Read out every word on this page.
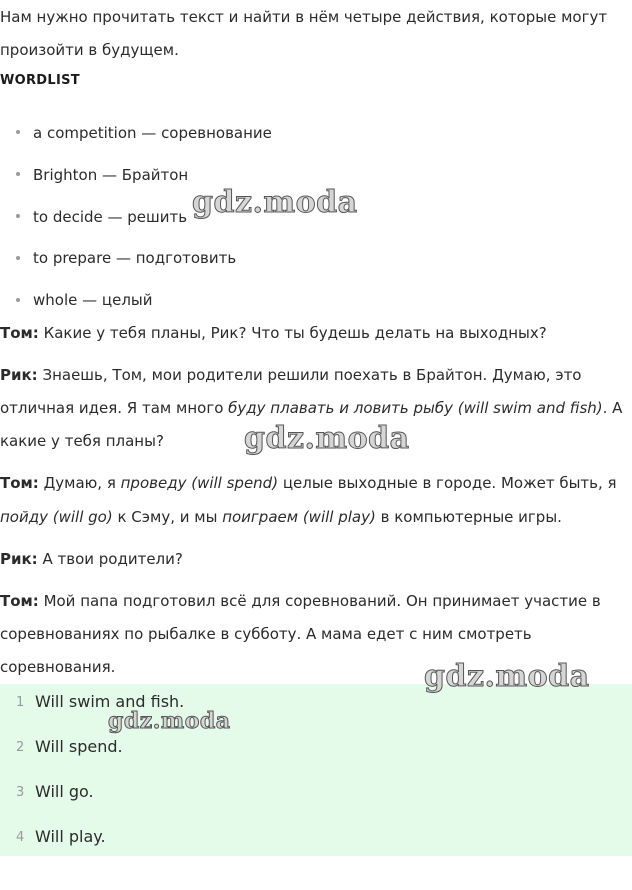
Нам нужно прочитать текст и найти в нём четыре действия, которые могут
произойти в будущем.
WORDLIST
a competition — соревнование
Brighton — Брайтон
to decide — решить
to prepare — подготовить
whole — целый
Том: Какие у тебя планы, Рик? Что ты будешь делать на выходных?
Рик: Знаешь, Том, мои родители решили поехать в Брайтон. Думаю, это
отличная идея. Я там много буду плавать и ловить рыбу (will swim and fish). А
какие у тебя планы?
Том: Думаю, я проведу (will spend) целые выходные в городе. Может быть, я
пойду (will go) к Сэму, и мы поиграем (will play) в компьютерные игры.
Рик: А твои родители?
Том: Мой папа подготовил всё для соревнований. Он принимает участие в
соревнованиях по рыбалке в субботу. А мама едет с ним смотреть
соревнования.
1 Will swim and fish.
2 Will spend.
3 Will go.
4 Will play.
gdz.moda
gdz.moda
gdz.moda
gdz.moda
